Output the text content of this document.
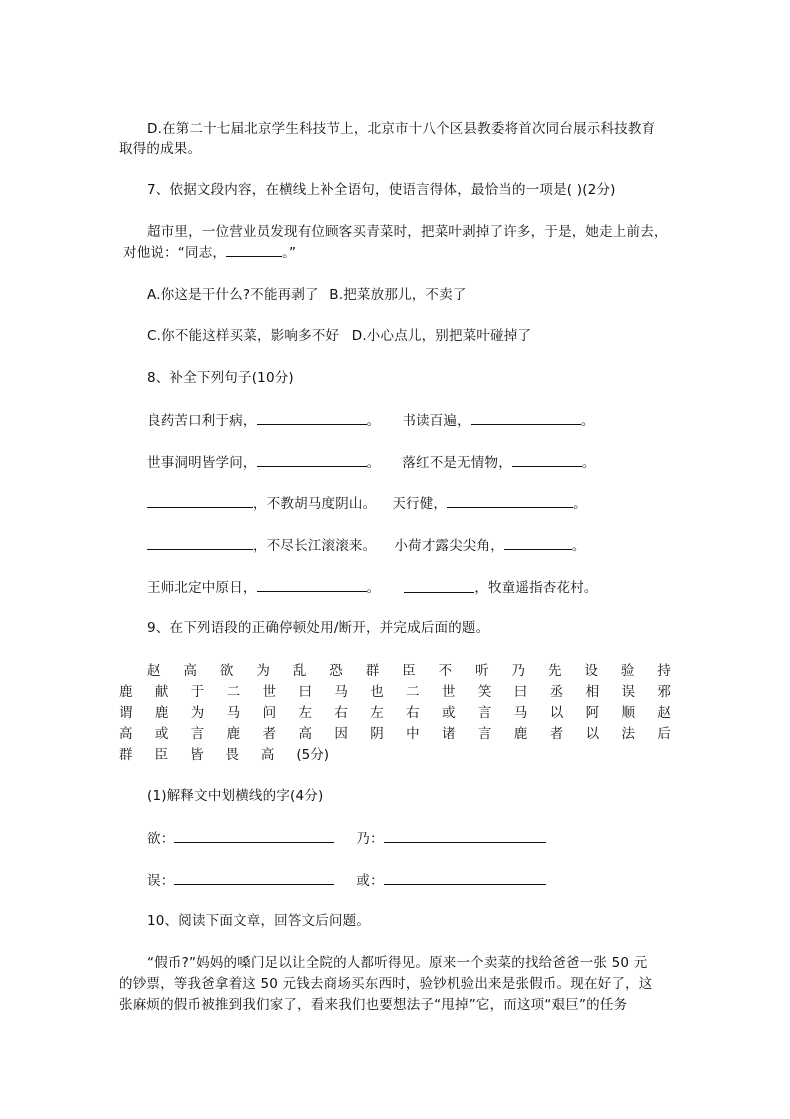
D.在第二十七届北京学生科技节上，北京市十八个区县教委将首次同台展示科技教育
取得的成果。
7、依据文段内容，在横线上补全语句，使语言得体，最恰当的一项是( )(2分)
超市里，一位营业员发现有位顾客买青菜时，把菜叶剥掉了许多，于是，她走上前去，
对他说：“同志，	。”
A.你这是干什么?不能再剥了 B.把菜放那儿，不卖了
C.你不能这样买菜，影响多不好 D.小心点儿，别把菜叶碰掉了
8、补全下列句子(10分)
良药苦口利于病，	。 书读百遍，	。
世事洞明皆学问，	。 落红不是无情物，	。
，不教胡马度阴山。 天行健，	。
，不尽长江滚滚来。 小荷才露尖尖角，	。
王师北定中原日，	。	，牧童遥指杏花村。
9、在下列语段的正确停顿处用/断开，并完成后面的题。
赵 高 欲 为 乱 恐 群 臣 不 听 乃 先 设 验 持
鹿 献 于 二 世 曰 马 也 二 世 笑 曰 丞 相 误 邪
谓 鹿 为 马 问 左 右 左 右 或 言 马 以 阿 顺 赵
高 或 言 鹿 者 高 因 阴 中 诸 言 鹿 者 以 法 后
群 臣 皆 畏 高 (5分)
(1)解释文中划横线的字(4分)
欲：	乃：
误：	或：
10、阅读下面文章，回答文后问题。
“假币?”妈妈的嗓门足以让全院的人都听得见。原来一个卖菜的找给爸爸一张 50 元
的钞票，等我爸拿着这 50 元钱去商场买东西时，验钞机验出来是张假币。现在好了，这
张麻烦的假币被推到我们家了，看来我们也要想法子“甩掉”它，而这项“艰巨”的任务
